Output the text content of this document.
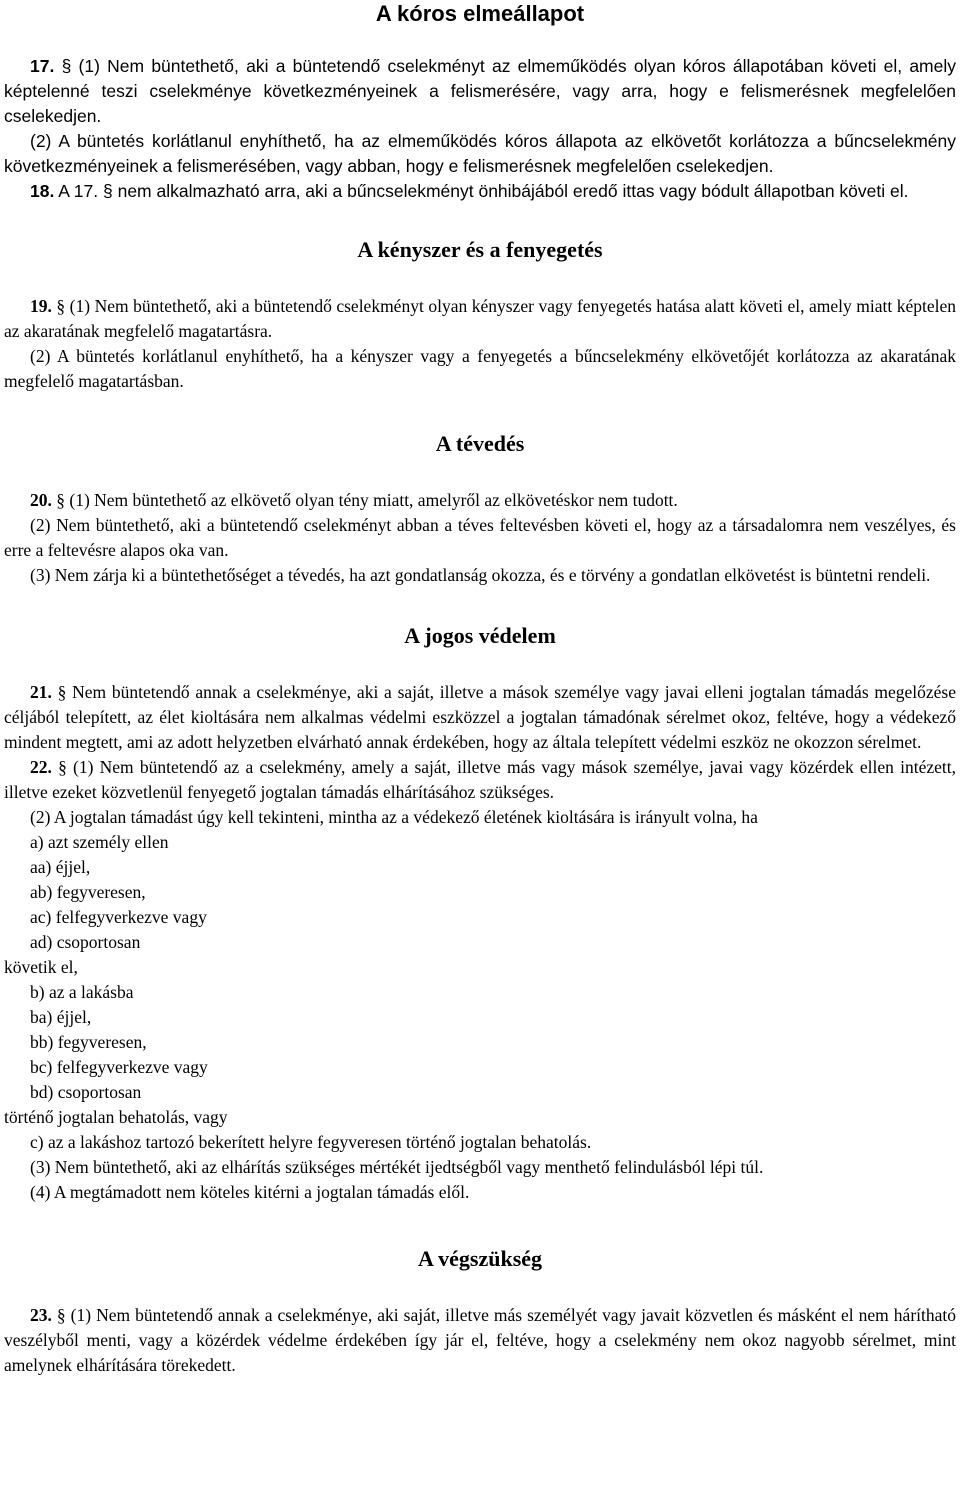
A kóros elmeállapot

17. § (1) Nem büntethető, aki a büntetendő cselekményt az elmeműködés olyan kóros állapotában követi el, amely képtelenné teszi cselekménye következményeinek a felismerésére, vagy arra, hogy e felismerésnek megfelelően cselekedjen.

(2) A büntetés korlátlanul enyhíthető, ha az elmeműködés kóros állapota az elkövetőt korlátozza a bűncselekmény következményeinek a felismerésében, vagy abban, hogy e felismerésnek megfelelően cselekedjen.

18. A 17. § nem alkalmazható arra, aki a bűncselekményt önhibájából eredő ittas vagy bódult állapotban követi el.

A kényszer és a fenyegetés

19. § (1) Nem büntethető, aki a büntetendő cselekményt olyan kényszer vagy fenyegetés hatása alatt követi el, amely miatt képtelen az akaratának megfelelő magatartásra.

(2) A büntetés korlátlanul enyhíthető, ha a kényszer vagy a fenyegetés a bűncselekmény elkövetőjét korlátozza az akaratának megfelelő magatartásban.

A tévedés

20. § (1) Nem büntethető az elkövető olyan tény miatt, amelyről az elkövetéskor nem tudott.

(2) Nem büntethető, aki a büntetendő cselekményt abban a téves feltevésben követi el, hogy az a társadalomra nem veszélyes, és erre a feltevésre alapos oka van.

(3) Nem zárja ki a büntethetőséget a tévedés, ha azt gondatlanság okozza, és e törvény a gondatlan elkövetést is büntetni rendeli.

A jogos védelem

21. § Nem büntetendő annak a cselekménye, aki a saját, illetve a mások személye vagy javai elleni jogtalan támadás megelőzése céljából telepített, az élet kioltására nem alkalmas védelmi eszközzel a jogtalan támadónak sérelmet okoz, feltéve, hogy a védekező mindent megtett, ami az adott helyzetben elvárható annak érdekében, hogy az általa telepített védelmi eszköz ne okozzon sérelmet.

22. § (1) Nem büntetendő az a cselekmény, amely a saját, illetve más vagy mások személye, javai vagy közérdek ellen intézett, illetve ezeket közvetlenül fenyegető jogtalan támadás elhárításához szükséges.

(2) A jogtalan támadást úgy kell tekinteni, mintha az a védekező életének kioltására is irányult volna, ha

a) azt személy ellen

aa) éjjel,

ab) fegyveresen,

ac) felfegyverkezve vagy

ad) csoportosan

követik el,

b) az a lakásba

ba) éjjel,

bb) fegyveresen,

bc) felfegyverkezve vagy

bd) csoportosan

történő jogtalan behatolás, vagy

c) az a lakáshoz tartozó bekerített helyre fegyveresen történő jogtalan behatolás.

(3) Nem büntethető, aki az elhárítás szükséges mértékét ijedtségből vagy menthető felindulásból lépi túl.

(4) A megtámadott nem köteles kitérni a jogtalan támadás elől.

A végszükség

23. § (1) Nem büntetendő annak a cselekménye, aki saját, illetve más személyét vagy javait közvetlen és másként el nem hárítható veszélyből menti, vagy a közérdek védelme érdekében így jár el, feltéve, hogy a cselekmény nem okoz nagyobb sérelmet, mint amelynek elhárítására törekedett.
